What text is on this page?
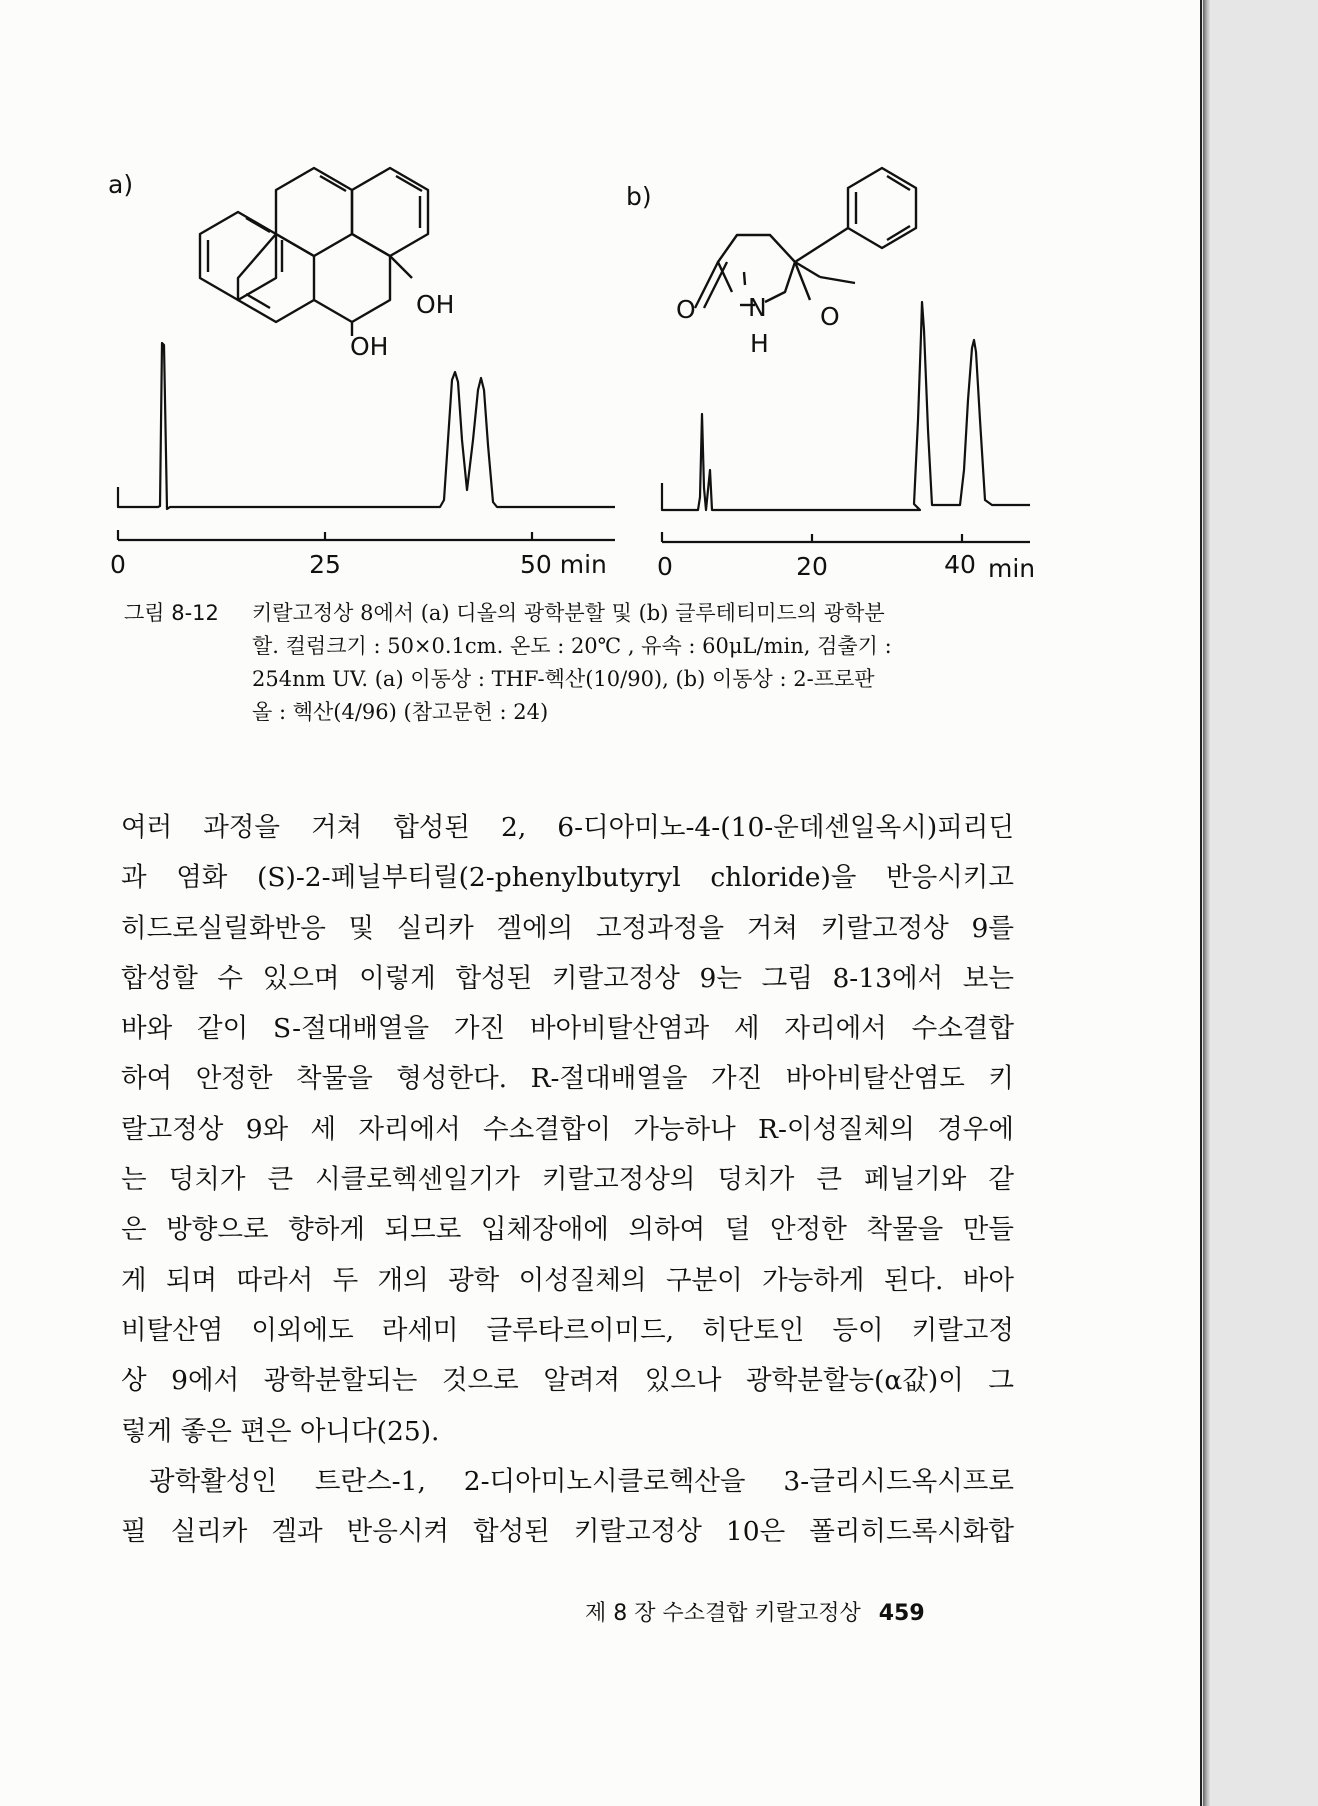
a)	b)
OH
OH
O N O
H
0	25	50 min 0	20	40 min
그림 8-12 키랄고정상 8에서 (a) 디올의 광학분할 및 (b) 글루테티미드의 광학분
할. 컬럼크기 : 50×0.1cm. 온도 : 20℃ , 유속 : 60μL/min, 검출기 :
254nm UV. (a) 이동상 : THF-헥산(10/90), (b) 이동상 : 2-프로판
올 : 헥산(4/96) (참고문헌 : 24)

여러 과정을 거쳐 합성된 2, 6-디아미노-4-(10-운데센일옥시)피리딘

과 염화 (S)-2-페닐부티릴(2-phenylbutyryl chloride)을 반응시키고

히드로실릴화반응 및 실리카 겔에의 고정과정을 거쳐 키랄고정상 9를

합성할 수 있으며 이렇게 합성된 키랄고정상 9는 그림 8-13에서 보는

바와 같이 S-절대배열을 가진 바아비탈산염과 세 자리에서 수소결합

하여 안정한 착물을 형성한다. R-절대배열을 가진 바아비탈산염도 키

랄고정상 9와 세 자리에서 수소결합이 가능하나 R-이성질체의 경우에

는 덩치가 큰 시클로헥센일기가 키랄고정상의 덩치가 큰 페닐기와 같

은 방향으로 향하게 되므로 입체장애에 의하여 덜 안정한 착물을 만들

게 되며 따라서 두 개의 광학 이성질체의 구분이 가능하게 된다. 바아

비탈산염 이외에도 라세미 글루타르이미드, 히단토인 등이 키랄고정

상 9에서 광학분할되는 것으로 알려져 있으나 광학분할능(α값)이 그

렇게 좋은 편은 아니다(25).

광학활성인 트란스-1, 2-디아미노시클로헥산을 3-글리시드옥시프로

필 실리카 겔과 반응시켜 합성된 키랄고정상 10은 폴리히드록시화합

제 8 장 수소결합 키랄고정상 459
